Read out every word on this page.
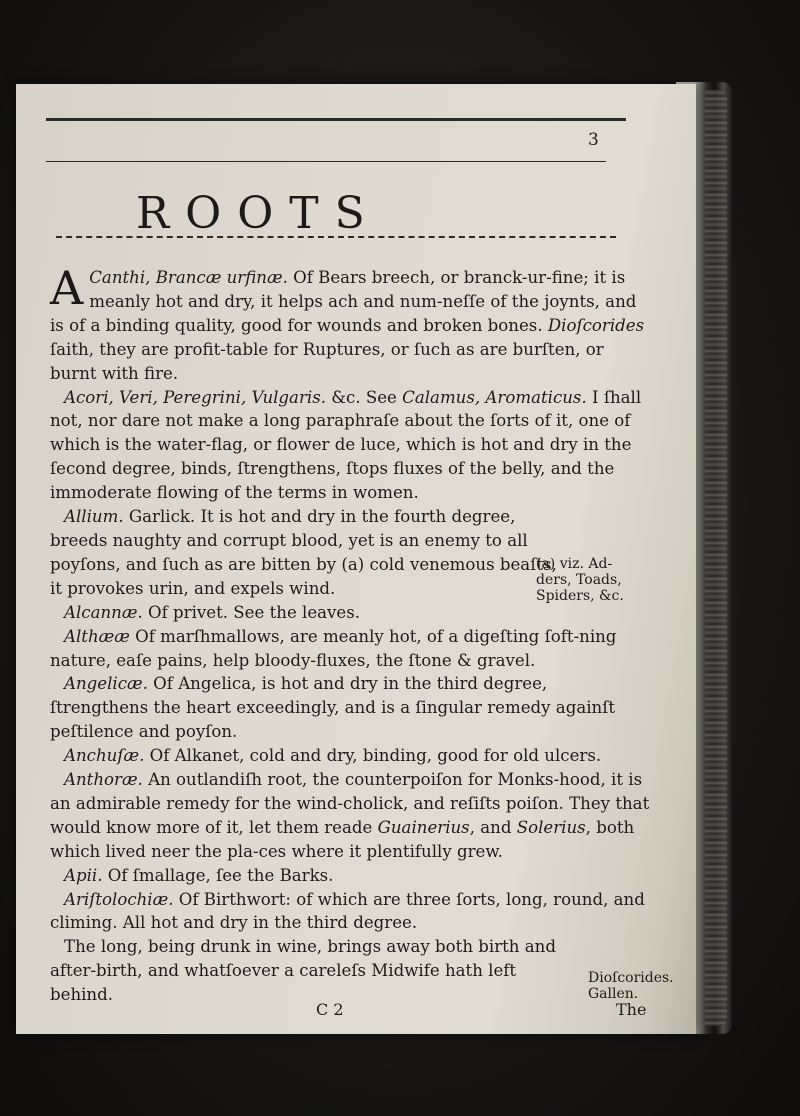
3
ROOTS

A Canthi, Brancæ urfinæ. Of Bears breech, or branck-ur-fine; it is meanly hot and dry, it helps ach and num-neſſe of the joynts, and is of a binding quality, good for wounds and broken bones. Dioſcorides ſaith, they are profit-table for Ruptures, or ſuch as are burſten, or burnt with fire.

Acori, Veri, Peregrini, Vulgaris. &c. See Calamus, Aromaticus. I ſhall not, nor dare not make a long paraphraſe about the ſorts of it, one of which is the water-flag, or flower de luce, which is hot and dry in the ſecond degree, binds, ſtrengthens, ſtops fluxes of the belly, and the immoderate flowing of the terms in women.

Allium. Garlick. It is hot and dry in the fourth degree, breeds naughty and corrupt blood, yet is an enemy to all poyſons, and ſuch as are bitten by (a) cold venemous beaſts, it provokes urin, and expels wind.

Alcannæ. Of privet. See the leaves.

Althææ Of marſhmallows, are meanly hot, of a digeſting ſoft-ning nature, eaſe pains, help bloody-fluxes, the ſtone & gravel.

Angelicæ. Of Angelica, is hot and dry in the third degree, ſtrengthens the heart exceedingly, and is a ſingular remedy againſt peſtilence and poyſon.

Anchuſæ. Of Alkanet, cold and dry, binding, good for old ulcers.

Anthoræ. An outlandiſh root, the counterpoiſon for Monks-hood, it is an admirable remedy for the wind-cholick, and reſiſts poiſon. They that would know more of it, let them reade Guainerius, and Solerius, both which lived neer the pla-ces where it plentifully grew.

Apii. Of ſmallage, ſee the Barks.

Ariſtolochiæ. Of Birthwort: of which are three ſorts, long, round, and climing. All hot and dry in the third degree.

The long, being drunk in wine, brings away both birth and after-birth, and whatſoever a careleſs Midwife hath left behind.

(a) viz. Ad-
ders, Toads,
Spiders, &c.
Dioſcorides.
Gallen.
C 2	The
